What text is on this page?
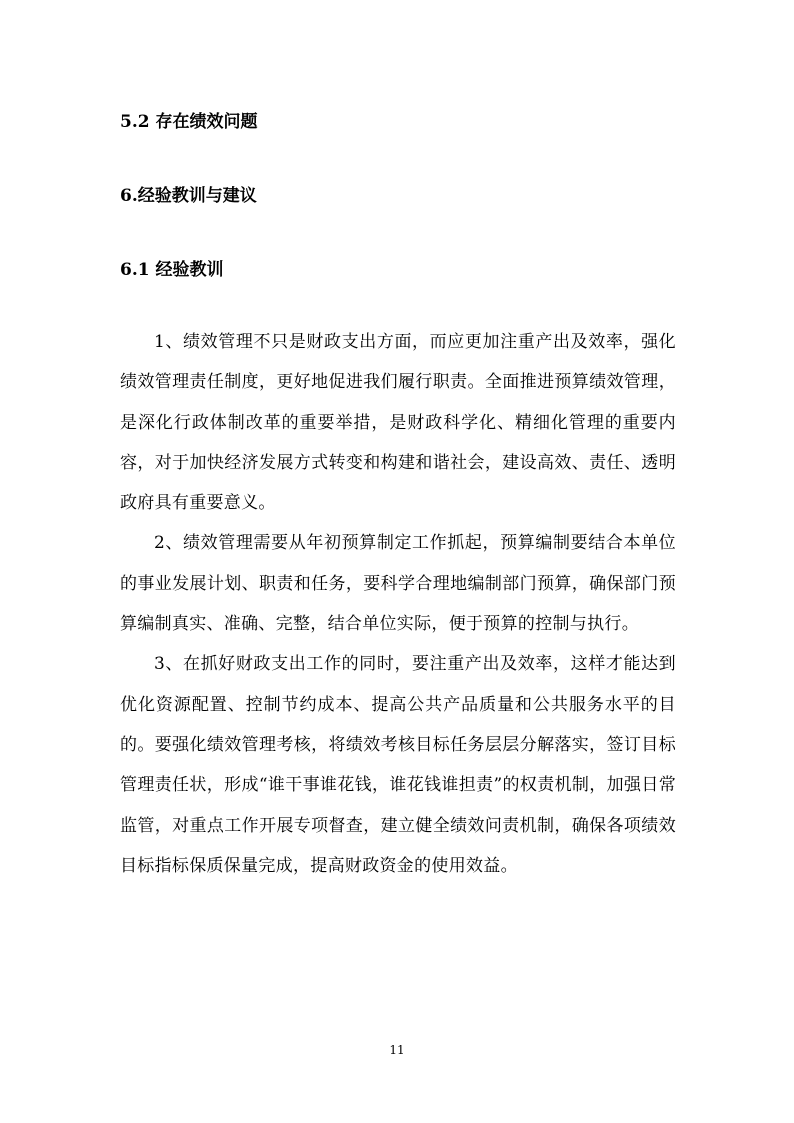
5.2 存在绩效问题
6.经验教训与建议
6.1 经验教训

1、绩效管理不只是财政支出方面，而应更加注重产出及效率，强化绩效管理责任制度，更好地促进我们履行职责。全面推进预算绩效管理，是深化行政体制改革的重要举措，是财政科学化、精细化管理的重要内容，对于加快经济发展方式转变和构建和谐社会，建设高效、责任、透明政府具有重要意义。

2、绩效管理需要从年初预算制定工作抓起，预算编制要结合本单位的事业发展计划、职责和任务，要科学合理地编制部门预算，确保部门预算编制真实、准确、完整，结合单位实际，便于预算的控制与执行。

3、在抓好财政支出工作的同时，要注重产出及效率，这样才能达到优化资源配置、控制节约成本、提高公共产品质量和公共服务水平的目的。要强化绩效管理考核，将绩效考核目标任务层层分解落实，签订目标管理责任状，形成“谁干事谁花钱，谁花钱谁担责”的权责机制，加强日常监管，对重点工作开展专项督查，建立健全绩效问责机制，确保各项绩效目标指标保质保量完成，提高财政资金的使用效益。

11
